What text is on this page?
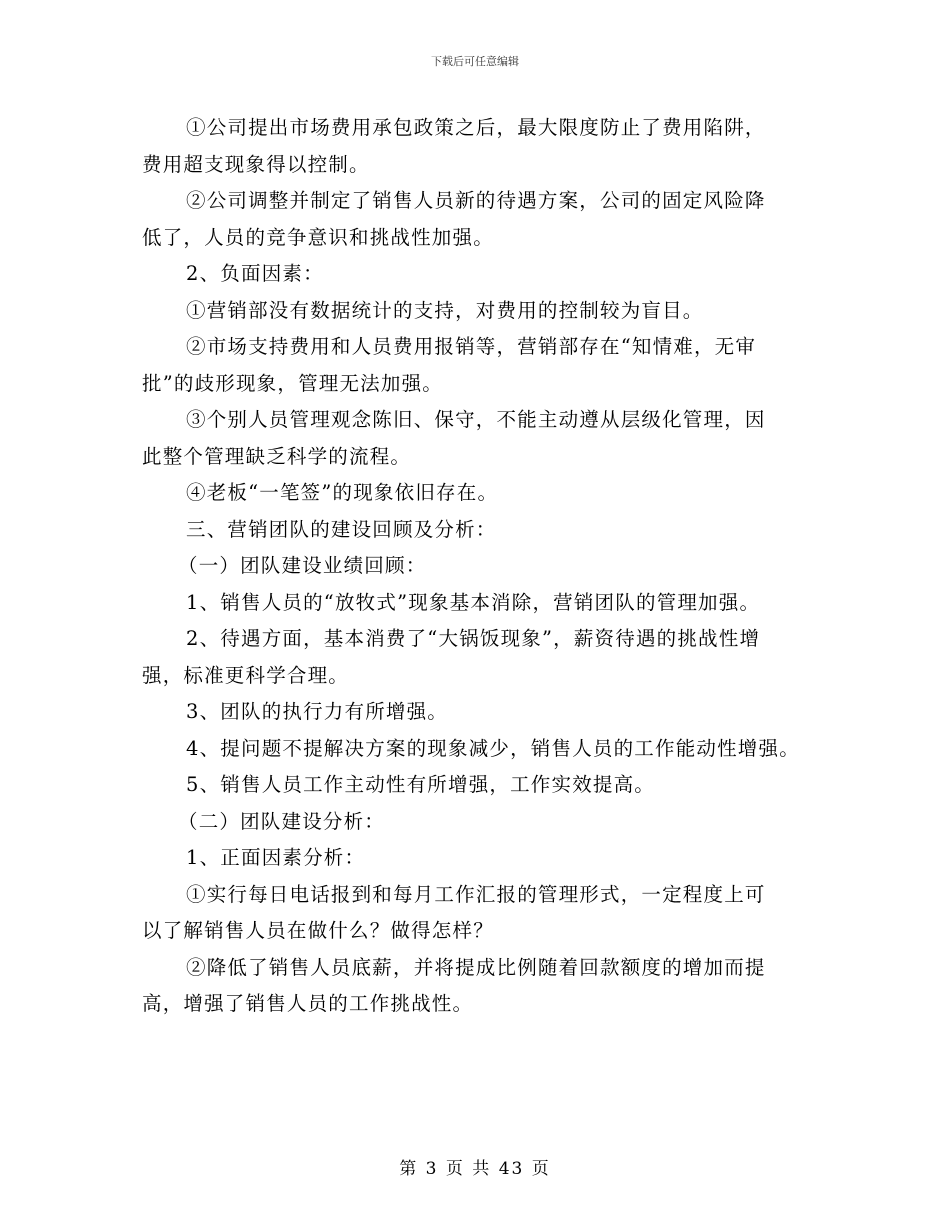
下载后可任意编辑

①公司提出市场费用承包政策之后，最大限度防止了费用陷阱，

费用超支现象得以控制。

②公司调整并制定了销售人员新的待遇方案，公司的固定风险降

低了，人员的竞争意识和挑战性加强。

2、负面因素：

①营销部没有数据统计的支持，对费用的控制较为盲目。

②市场支持费用和人员费用报销等，营销部存在“知情难，无审

批”的歧形现象，管理无法加强。

③个别人员管理观念陈旧、保守，不能主动遵从层级化管理，因

此整个管理缺乏科学的流程。

④老板“一笔签”的现象依旧存在。

三、营销团队的建设回顾及分析：

（一）团队建设业绩回顾：

1、销售人员的“放牧式”现象基本消除，营销团队的管理加强。

2、待遇方面，基本消费了“大锅饭现象”，薪资待遇的挑战性增

强，标准更科学合理。

3、团队的执行力有所增强。

4、提问题不提解决方案的现象减少，销售人员的工作能动性增强。

5、销售人员工作主动性有所增强，工作实效提高。

（二）团队建设分析：

1、正面因素分析：

①实行每日电话报到和每月工作汇报的管理形式，一定程度上可

以了解销售人员在做什么？做得怎样？

②降低了销售人员底薪，并将提成比例随着回款额度的增加而提

高，增强了销售人员的工作挑战性。

第 3 页 共 43 页
